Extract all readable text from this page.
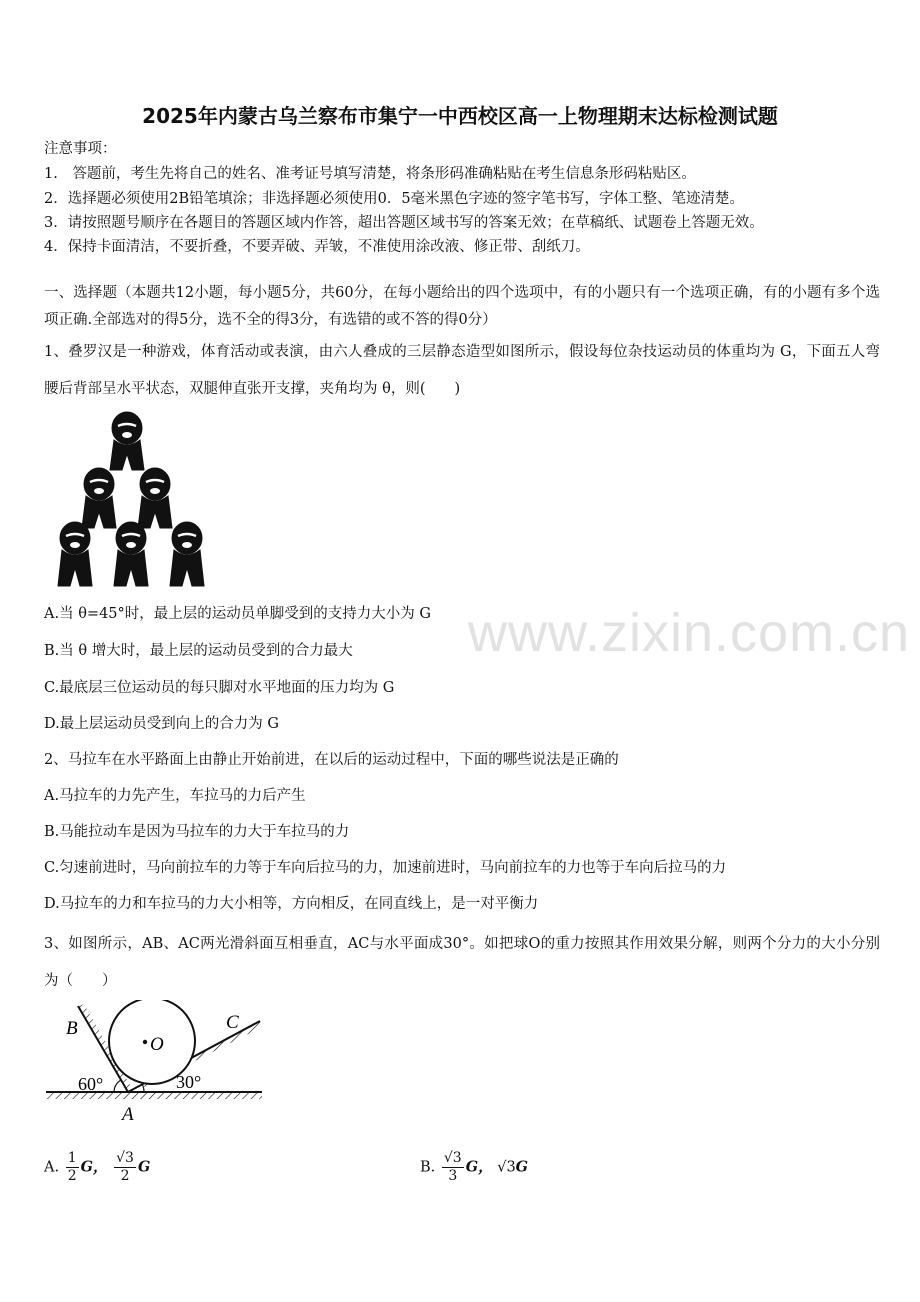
2025年内蒙古乌兰察布市集宁一中西校区高一上物理期末达标检测试题
注意事项：
1.　答题前，考生先将自己的姓名、准考证号填写清楚，将条形码准确粘贴在考生信息条形码粘贴区。
2．选择题必须使用2B铅笔填涂；非选择题必须使用0．5毫米黑色字迹的签字笔书写，字体工整、笔迹清楚。
3．请按照题号顺序在各题目的答题区域内作答，超出答题区域书写的答案无效；在草稿纸、试题卷上答题无效。
4．保持卡面清洁，不要折叠，不要弄破、弄皱，不准使用涂改液、修正带、刮纸刀。
一、选择题（本题共12小题，每小题5分，共60分，在每小题给出的四个选项中，有的小题只有一个选项正确，有的小题有多个选项正确.全部选对的得5分，选不全的得3分，有选错的或不答的得0分）
1、叠罗汉是一种游戏，体育活动或表演，由六人叠成的三层静态造型如图所示，假设每位杂技运动员的体重均为 G，下面五人弯腰后背部呈水平状态，双腿伸直张开支撑，夹角均为 θ，则(　　)
www.zixin.com.cn
A.当 θ=45°时，最上层的运动员单脚受到的支持力大小为 G
B.当 θ 增大时，最上层的运动员受到的合力最大
C.最底层三位运动员的每只脚对水平地面的压力均为 G
D.最上层运动员受到向上的合力为 G
2、马拉车在水平路面上由静止开始前进，在以后的运动过程中，下面的哪些说法是正确的
A.马拉车的力先产生，车拉马的力后产生
B.马能拉动车是因为马拉车的力大于车拉马的力
C.匀速前进时，马向前拉车的力等于车向后拉马的力，加速前进时，马向前拉车的力也等于车向后拉马的力
D.马拉车的力和车拉马的力大小相等，方向相反，在同直线上，是一对平衡力
3、如图所示，AB、AC两光滑斜面互相垂直，AC与水平面成30°。如把球O的重力按照其作用效果分解，则两个分力的大小分别为（　　）
B	C
O
A
60°	30°
A. $\frac{1}{2}$ G， $\frac{√3}{2}$ G	B. $\frac{√3}{3}$ G， √3G
